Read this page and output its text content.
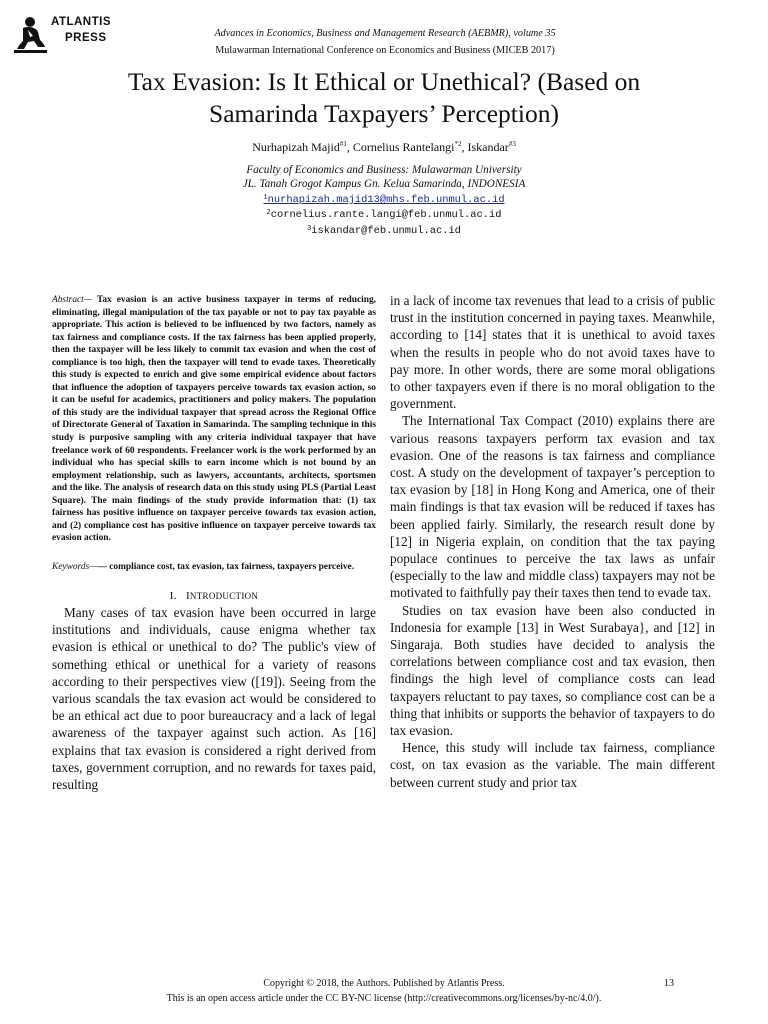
ATLANTIS
PRESS	Advances in Economics, Business and Management Research (AEBMR), volume 35
Mulawarman International Conference on Economics and Business (MICEB 2017)
Tax Evasion: Is It Ethical or Unethical? (Based on
Samarinda Taxpayers’ Perception)
Nurhapizah Majid$^{\#1}$, Cornelius Rantelangi$^{*2}$, Iskandar$^{\#3}$
Faculty of Economics and Business: Mulawarman University
JL. Tanah Grogot Kampus Gn. Kelua Samarinda, INDONESIA
$^1$nurhapizah.majid13@mhs.feb.unmul.ac.id
$^2$cornelius.rante.langi@feb.unmul.ac.id
$^3$iskandar@feb.unmul.ac.id

Abstract— Tax evasion is an active business taxpayer in terms of reducing, eliminating, illegal manipulation of the tax payable or not to pay tax payable as appropriate. This action is believed to be influenced by two factors, namely as tax fairness and compliance costs. If the tax fairness has been applied properly, then the taxpayer will be less likely to commit tax evasion and when the cost of compliance is too high, then the taxpayer will tend to evade taxes. Theoretically this study is expected to enrich and give some empirical evidence about factors that influence the adoption of taxpayers perceive towards tax evasion action, so it can be useful for academics, practitioners and policy makers. The population of this study are the individual taxpayer that spread across the Regional Office of Directorate General of Taxation in Samarinda. The sampling technique in this study is purposive sampling with any criteria individual taxpayer that have freelance work of 60 respondents. Freelancer work is the work performed by an individual who has special skills to earn income which is not bound by an employment relationship, such as lawyers, accountants, architects, sportsmen and the like. The analysis of research data on this study using PLS (Partial Least Square). The main findings of the study provide information that: (1) tax fairness has positive influence on taxpayer perceive towards tax evasion action, and (2) compliance cost has positive influence on taxpayer perceive towards tax evasion action.

Keywords—— compliance cost, tax evasion, tax fairness, taxpayers perceive.

I. INTRODUCTION

Many cases of tax evasion have been occurred in large institutions and individuals, cause enigma whether tax evasion is ethical or unethical to do? The public's view of something ethical or unethical for a variety of reasons according to their perspectives view ([19]). Seeing from the various scandals the tax evasion act would be considered to be an ethical act due to poor bureaucracy and a lack of legal awareness of the taxpayer against such action. As [16] explains that tax evasion is considered a right derived from taxes, government corruption, and no rewards for taxes paid, resulting

in a lack of income tax revenues that lead to a crisis of public trust in the institution concerned in paying taxes. Meanwhile, according to [14] states that it is unethical to avoid taxes when the results in people who do not avoid taxes have to pay more. In other words, there are some moral obligations to other taxpayers even if there is no moral obligation to the government.

The International Tax Compact (2010) explains there are various reasons taxpayers perform tax evasion and tax evasion. One of the reasons is tax fairness and compliance cost. A study on the development of taxpayer’s perception to tax evasion by [18] in Hong Kong and America, one of their main findings is that tax evasion will be reduced if taxes has been applied fairly. Similarly, the research result done by [12] in Nigeria explain, on condition that the tax paying populace continues to perceive the tax laws as unfair (especially to the law and middle class) taxpayers may not be motivated to faithfully pay their taxes then tend to evade tax.

Studies on tax evasion have been also conducted in Indonesia for example [13] in West Surabaya}, and [12] in Singaraja. Both studies have decided to analysis the correlations between compliance cost and tax evasion, then findings the high level of compliance costs can lead taxpayers reluctant to pay taxes, so compliance cost can be a thing that inhibits or supports the behavior of taxpayers to do tax evasion.

Hence, this study will include tax fairness, compliance cost, on tax evasion as the variable. The main different between current study and prior tax

Copyright © 2018, the Authors. Published by Atlantis Press.	13
This is an open access article under the CC BY-NC license (http://creativecommons.org/licenses/by-nc/4.0/).
